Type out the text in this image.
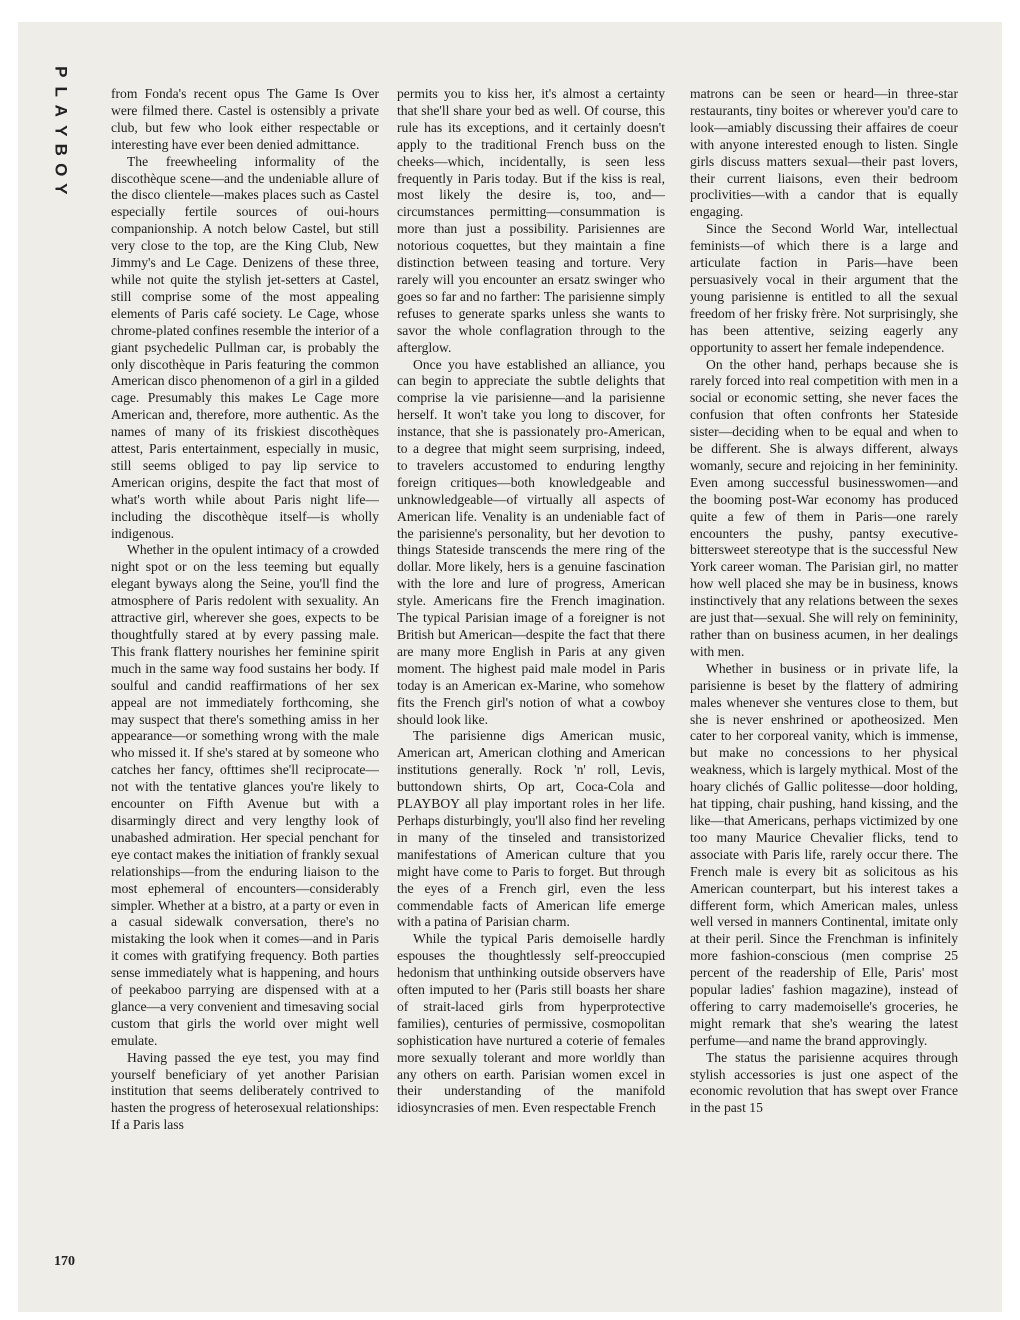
P
L
A
Y
B
O
Y

from Fonda's recent opus The Game Is Over were filmed there. Castel is ostensibly a private club, but few who look either respectable or interesting have ever been denied admittance.

The freewheeling informality of the discothèque scene—and the undeniable allure of the disco clientele—makes places such as Castel especially fertile sources of oui-hours companionship. A notch below Castel, but still very close to the top, are the King Club, New Jimmy's and Le Cage. Denizens of these three, while not quite the stylish jet-setters at Castel, still comprise some of the most appealing elements of Paris café society. Le Cage, whose chrome-plated confines resemble the interior of a giant psychedelic Pullman car, is probably the only discothèque in Paris featuring the common American disco phenomenon of a girl in a gilded cage. Presumably this makes Le Cage more American and, therefore, more authentic. As the names of many of its friskiest discothèques attest, Paris entertainment, especially in music, still seems obliged to pay lip service to American origins, despite the fact that most of what's worth while about Paris night life—including the discothèque itself—is wholly indigenous.

Whether in the opulent intimacy of a crowded night spot or on the less teeming but equally elegant byways along the Seine, you'll find the atmosphere of Paris redolent with sexuality. An attractive girl, wherever she goes, expects to be thoughtfully stared at by every passing male. This frank flattery nourishes her feminine spirit much in the same way food sustains her body. If soulful and candid reaffirmations of her sex appeal are not immediately forthcoming, she may suspect that there's something amiss in her appearance—or something wrong with the male who missed it. If she's stared at by someone who catches her fancy, ofttimes she'll reciprocate—not with the tentative glances you're likely to encounter on Fifth Avenue but with a disarmingly direct and very lengthy look of unabashed admiration. Her special penchant for eye contact makes the initiation of frankly sexual relationships—from the enduring liaison to the most ephemeral of encounters—considerably simpler. Whether at a bistro, at a party or even in a casual sidewalk conversation, there's no mistaking the look when it comes—and in Paris it comes with gratifying frequency. Both parties sense immediately what is happening, and hours of peekaboo parrying are dispensed with at a glance—a very convenient and timesaving social custom that girls the world over might well emulate.

Having passed the eye test, you may find yourself beneficiary of yet another Parisian institution that seems deliberately contrived to hasten the progress of heterosexual relationships: If a Paris lass

permits you to kiss her, it's almost a certainty that she'll share your bed as well. Of course, this rule has its exceptions, and it certainly doesn't apply to the traditional French buss on the cheeks—which, incidentally, is seen less frequently in Paris today. But if the kiss is real, most likely the desire is, too, and—circumstances permitting—consummation is more than just a possibility. Parisiennes are notorious coquettes, but they maintain a fine distinction between teasing and torture. Very rarely will you encounter an ersatz swinger who goes so far and no farther: The parisienne simply refuses to generate sparks unless she wants to savor the whole conflagration through to the afterglow.

Once you have established an alliance, you can begin to appreciate the subtle delights that comprise la vie parisienne—and la parisienne herself. It won't take you long to discover, for instance, that she is passionately pro-American, to a degree that might seem surprising, indeed, to travelers accustomed to enduring lengthy foreign critiques—both knowledgeable and unknowledgeable—of virtually all aspects of American life. Venality is an undeniable fact of the parisienne's personality, but her devotion to things Stateside transcends the mere ring of the dollar. More likely, hers is a genuine fascination with the lore and lure of progress, American style. Americans fire the French imagination. The typical Parisian image of a foreigner is not British but American—despite the fact that there are many more English in Paris at any given moment. The highest paid male model in Paris today is an American ex-Marine, who somehow fits the French girl's notion of what a cowboy should look like.

The parisienne digs American music, American art, American clothing and American institutions generally. Rock 'n' roll, Levis, buttondown shirts, Op art, Coca-Cola and PLAYBOY all play important roles in her life. Perhaps disturbingly, you'll also find her reveling in many of the tinseled and transistorized manifestations of American culture that you might have come to Paris to forget. But through the eyes of a French girl, even the less commendable facts of American life emerge with a patina of Parisian charm.

While the typical Paris demoiselle hardly espouses the thoughtlessly self-preoccupied hedonism that unthinking outside observers have often imputed to her (Paris still boasts her share of strait-laced girls from hyperprotective families), centuries of permissive, cosmopolitan sophistication have nurtured a coterie of females more sexually tolerant and more worldly than any others on earth. Parisian women excel in their understanding of the manifold idiosyncrasies of men. Even respectable French

matrons can be seen or heard—in three-star restaurants, tiny boites or wherever you'd care to look—amiably discussing their affaires de coeur with anyone interested enough to listen. Single girls discuss matters sexual—their past lovers, their current liaisons, even their bedroom proclivities—with a candor that is equally engaging.

Since the Second World War, intellectual feminists—of which there is a large and articulate faction in Paris—have been persuasively vocal in their argument that the young parisienne is entitled to all the sexual freedom of her frisky frère. Not surprisingly, she has been attentive, seizing eagerly any opportunity to assert her female independence.

On the other hand, perhaps because she is rarely forced into real competition with men in a social or economic setting, she never faces the confusion that often confronts her Stateside sister—deciding when to be equal and when to be different. She is always different, always womanly, secure and rejoicing in her femininity. Even among successful businesswomen—and the booming post-War economy has produced quite a few of them in Paris—one rarely encounters the pushy, pantsy executive-bittersweet stereotype that is the successful New York career woman. The Parisian girl, no matter how well placed she may be in business, knows instinctively that any relations between the sexes are just that—sexual. She will rely on femininity, rather than on business acumen, in her dealings with men.

Whether in business or in private life, la parisienne is beset by the flattery of admiring males whenever she ventures close to them, but she is never enshrined or apotheosized. Men cater to her corporeal vanity, which is immense, but make no concessions to her physical weakness, which is largely mythical. Most of the hoary clichés of Gallic politesse—door holding, hat tipping, chair pushing, hand kissing, and the like—that Americans, perhaps victimized by one too many Maurice Chevalier flicks, tend to associate with Paris life, rarely occur there. The French male is every bit as solicitous as his American counterpart, but his interest takes a different form, which American males, unless well versed in manners Continental, imitate only at their peril. Since the Frenchman is infinitely more fashion-conscious (men comprise 25 percent of the readership of Elle, Paris' most popular ladies' fashion magazine), instead of offering to carry mademoiselle's groceries, he might remark that she's wearing the latest perfume—and name the brand approvingly.

The status the parisienne acquires through stylish accessories is just one aspect of the economic revolution that has swept over France in the past 15

170
